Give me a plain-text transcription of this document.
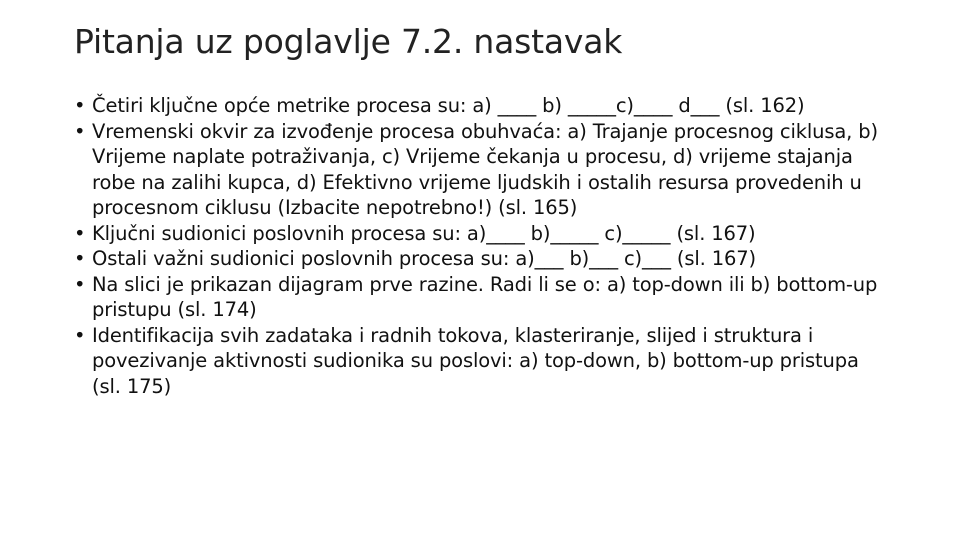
Pitanja uz poglavlje 7.2. nastavak
• Četiri ključne opće metrike procesa su: a) ____ b) _____c)____ d___ (sl. 162)
• Vremenski okvir za izvođenje procesa obuhvaća: a) Trajanje procesnog ciklusa, b) Vrijeme naplate potraživanja, c) Vrijeme čekanja u procesu, d) vrijeme stajanja robe na zalihi kupca, d) Efektivno vrijeme ljudskih i ostalih resursa provedenih u procesnom ciklusu (Izbacite nepotrebno!) (sl. 165)
• Ključni sudionici poslovnih procesa su: a)____ b)_____ c)_____ (sl. 167)
• Ostali važni sudionici poslovnih procesa su: a)___ b)___ c)___ (sl. 167)
• Na slici je prikazan dijagram prve razine. Radi li se o: a) top-down ili b) bottom-up pristupu (sl. 174)
• Identifikacija svih zadataka i radnih tokova, klasteriranje, slijed i struktura i povezivanje aktivnosti sudionika su poslovi: a) top-down, b) bottom-up pristupa (sl. 175)
